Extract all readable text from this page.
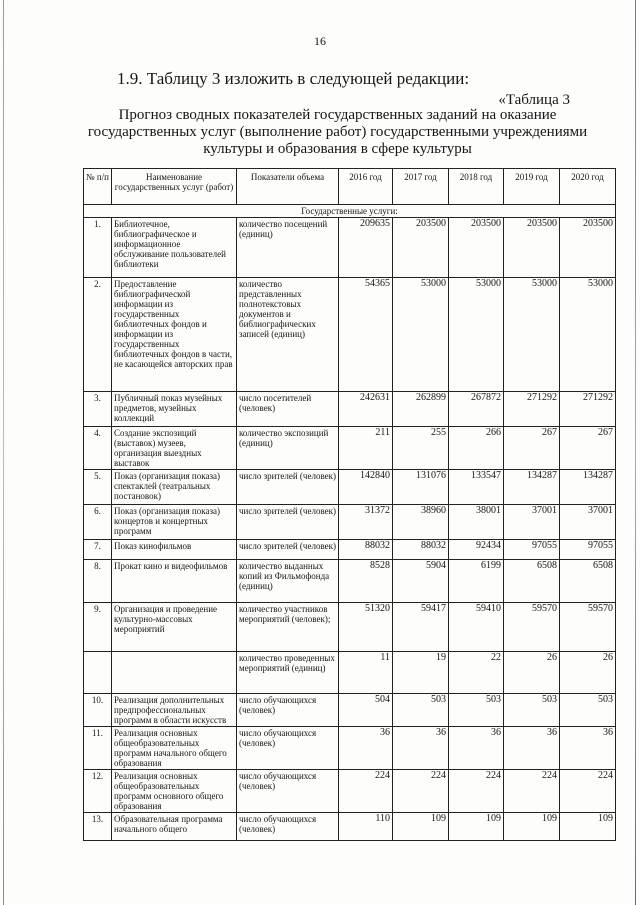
16
1.9. Таблицу 3 изложить в следующей редакции:
«Таблица 3
Прогноз сводных показателей государственных заданий на оказание
государственных услуг (выполнение работ) государственными учреждениями
культуры и образования в сфере культуры
№ п/п	Наименование государственных услуг (работ)	Показатели объема	2016 год	2017 год	2018 год	2019 год	2020 год
Государственные услуги:							
1.	Библиотечное, библиографическое и информационное обслуживание пользователей библиотеки	количество посещений (единиц)	209635	203500	203500	203500	203500
2.	Предоставление библиографической информации из государственных библиотечных фондов и информации из государственных библиотечных фондов в части, не касающейся авторских прав	количество представленных полнотекстовых документов и библиографических записей (единиц)	54365	53000	53000	53000	53000
3.	Публичный показ музейных предметов, музейных коллекций	число посетителей (человек)	242631	262899	267872	271292	271292
4.	Создание экспозиций (выставок) музеев, организация выездных выставок	количество экспозиций (единиц)	211	255	266	267	267
5.	Показ (организация показа) спектаклей (театральных постановок)	число зрителей (человек)	142840	131076	133547	134287	134287
6.	Показ (организация показа) концертов и концертных программ	число зрителей (человек)	31372	38960	38001	37001	37001
7.	Показ кинофильмов	число зрителей (человек)	88032	88032	92434	97055	97055
8.	Прокат кино и видеофильмов	количество выданных копий из Фильмофонда (единиц)	8528	5904	6199	6508	6508
9.	Организация и проведение культурно-массовых мероприятий	количество участников мероприятий (человек);	51320	59417	59410	59570	59570
		количество проведенных мероприятий (единиц)	11	19	22	26	26
10.	Реализация дополнительных предпрофессиональных программ в области искусств	число обучающихся (человек)	504	503	503	503	503
11.	Реализация основных общеобразовательных программ начального общего образования	число обучающихся (человек)	36	36	36	36	36
12.	Реализация основных общеобразовательных программ основного общего образования	число обучающихся (человек)	224	224	224	224	224
13.	Образовательная программа начального общего	число обучающихся (человек)	110	109	109	109	109
